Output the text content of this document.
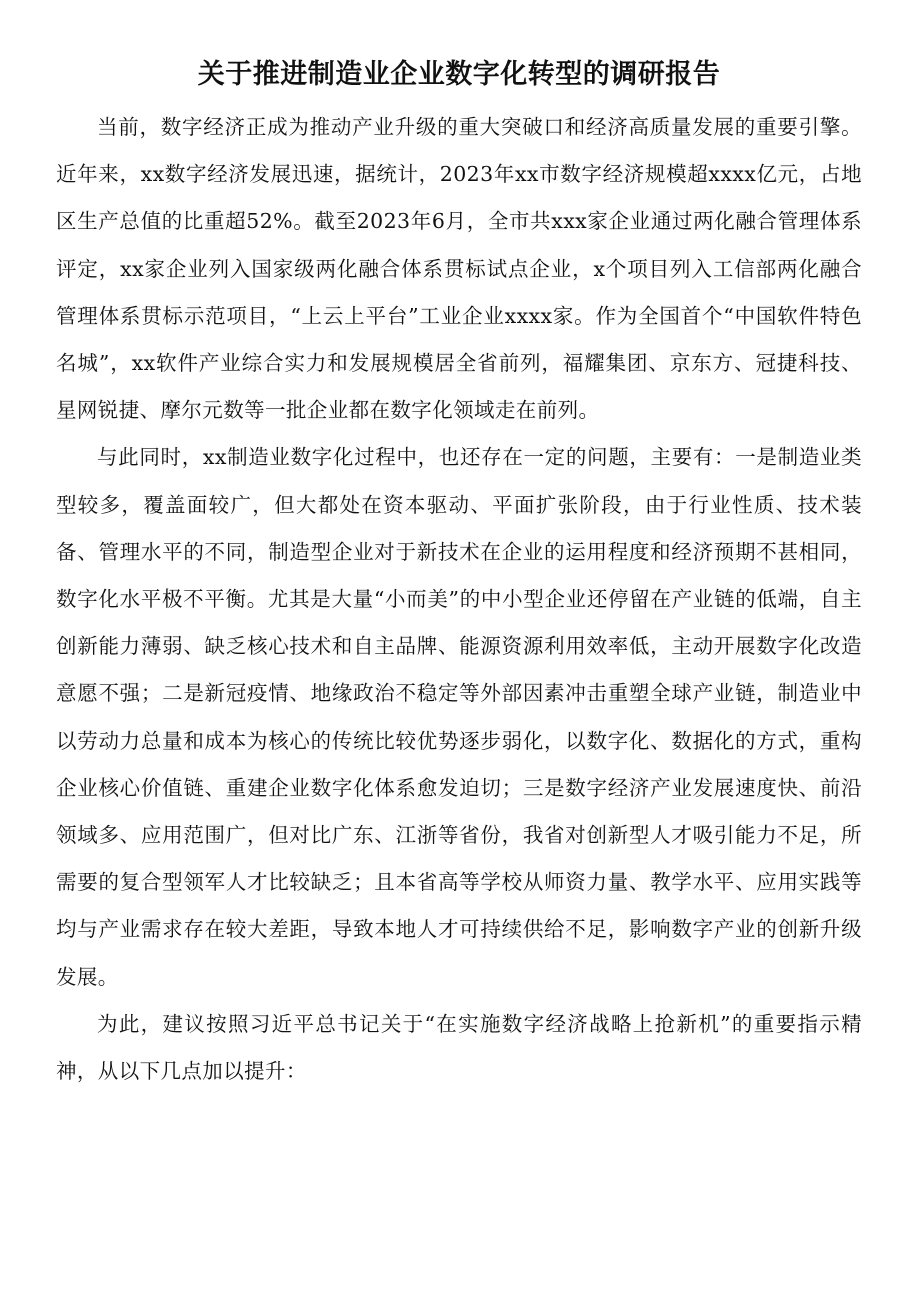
关于推进制造业企业数字化转型的调研报告

当前，数字经济正成为推动产业升级的重大突破口和经济高质量发展的重要引擎。近年来，xx数字经济发展迅速，据统计，2023年xx市数字经济规模超xxxx亿元，占地区生产总值的比重超52%。截至2023年6月，全市共xxx家企业通过两化融合管理体系评定，xx家企业列入国家级两化融合体系贯标试点企业，x个项目列入工信部两化融合管理体系贯标示范项目，“上云上平台”工业企业xxxx家。作为全国首个“中国软件特色名城”，xx软件产业综合实力和发展规模居全省前列，福耀集团、京东方、冠捷科技、星网锐捷、摩尔元数等一批企业都在数字化领域走在前列。

与此同时，xx制造业数字化过程中，也还存在一定的问题，主要有：一是制造业类型较多，覆盖面较广，但大都处在资本驱动、平面扩张阶段，由于行业性质、技术装备、管理水平的不同，制造型企业对于新技术在企业的运用程度和经济预期不甚相同，数字化水平极不平衡。尤其是大量“小而美”的中小型企业还停留在产业链的低端，自主创新能力薄弱、缺乏核心技术和自主品牌、能源资源利用效率低，主动开展数字化改造意愿不强；二是新冠疫情、地缘政治不稳定等外部因素冲击重塑全球产业链，制造业中以劳动力总量和成本为核心的传统比较优势逐步弱化，以数字化、数据化的方式，重构企业核心价值链、重建企业数字化体系愈发迫切；三是数字经济产业发展速度快、前沿领域多、应用范围广，但对比广东、江浙等省份，我省对创新型人才吸引能力不足，所需要的复合型领军人才比较缺乏；且本省高等学校从师资力量、教学水平、应用实践等均与产业需求存在较大差距，导致本地人才可持续供给不足，影响数字产业的创新升级发展。

为此，建议按照习近平总书记关于“在实施数字经济战略上抢新机”的重要指示精神，从以下几点加以提升：
